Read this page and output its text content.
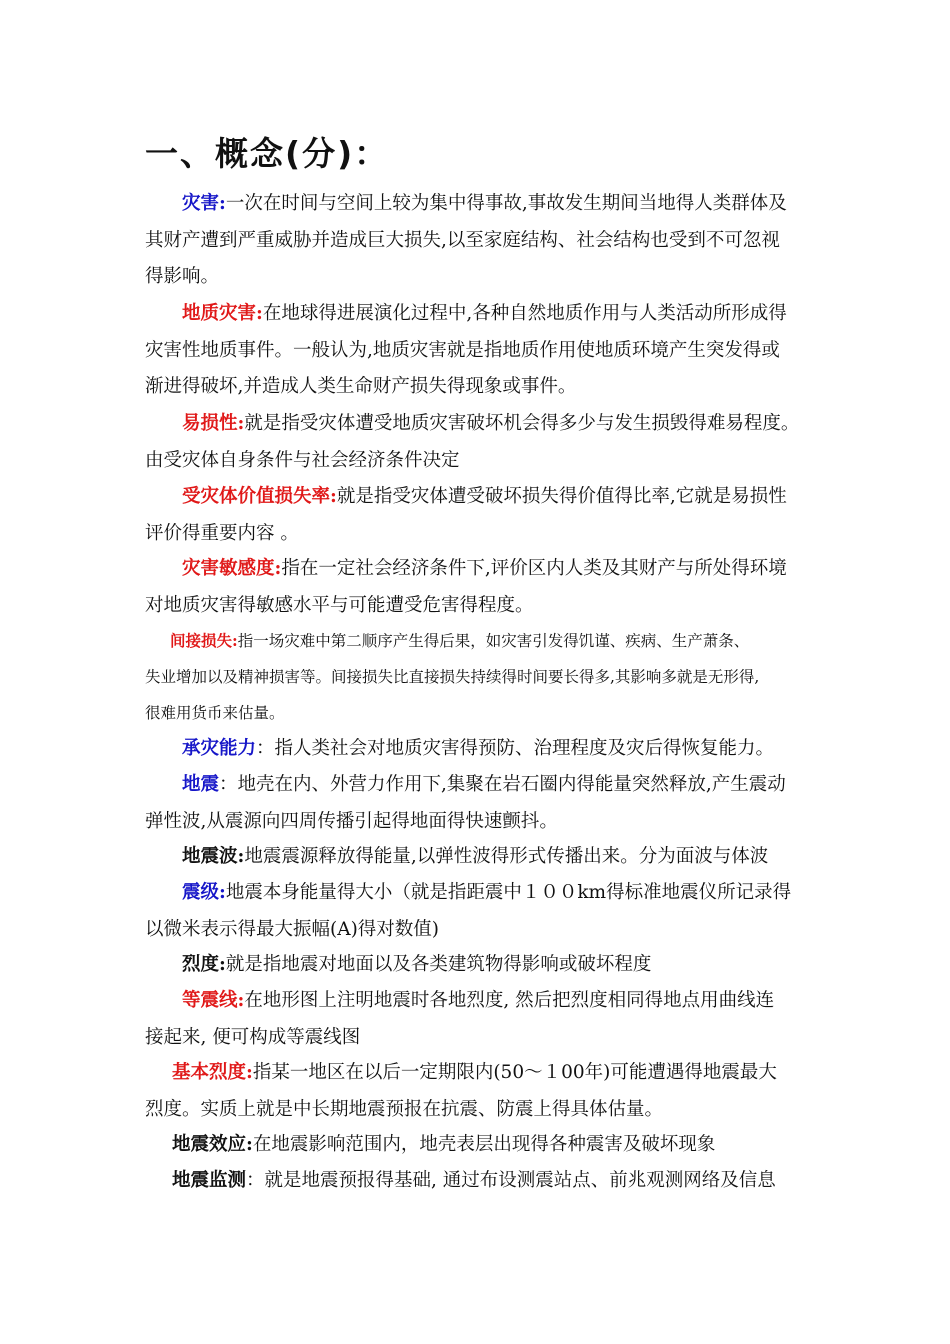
一、概念(分)：
灾害:一次在时间与空间上较为集中得事故,事故发生期间当地得人类群体及
其财产遭到严重威胁并造成巨大损失,以至家庭结构、社会结构也受到不可忽视
得影响。
地质灾害:在地球得进展演化过程中,各种自然地质作用与人类活动所形成得
灾害性地质事件。一般认为,地质灾害就是指地质作用使地质环境产生突发得或
渐进得破坏,并造成人类生命财产损失得现象或事件。
易损性:就是指受灾体遭受地质灾害破坏机会得多少与发生损毁得难易程度。
由受灾体自身条件与社会经济条件决定
受灾体价值损失率:就是指受灾体遭受破坏损失得价值得比率,它就是易损性
评价得重要内容 。
灾害敏感度:指在一定社会经济条件下,评价区内人类及其财产与所处得环境
对地质灾害得敏感水平与可能遭受危害得程度。
间接损失:指一场灾难中第二顺序产生得后果，如灾害引发得饥谨、疾病、生产萧条、
失业增加以及精神损害等。间接损失比直接损失持续得时间要长得多,其影响多就是无形得,
很难用货币来估量。
承灾能力：指人类社会对地质灾害得预防、治理程度及灾后得恢复能力。
地震：地壳在内、外营力作用下,集聚在岩石圈内得能量突然释放,产生震动
弹性波,从震源向四周传播引起得地面得快速颤抖。
地震波:地震震源释放得能量,以弹性波得形式传播出来。分为面波与体波
震级:地震本身能量得大小（就是指距震中１００km得标准地震仪所记录得
以微米表示得最大振幅(A)得对数值)
烈度:就是指地震对地面以及各类建筑物得影响或破坏程度
等震线:在地形图上注明地震时各地烈度, 然后把烈度相同得地点用曲线连
接起来, 便可构成等震线图
基本烈度:指某一地区在以后一定期限内(50～１00年)可能遭遇得地震最大
烈度。实质上就是中长期地震预报在抗震、防震上得具体估量。
地震效应:在地震影响范围内，地壳表层出现得各种震害及破坏现象
地震监测：就是地震预报得基础, 通过布设测震站点、前兆观测网络及信息
